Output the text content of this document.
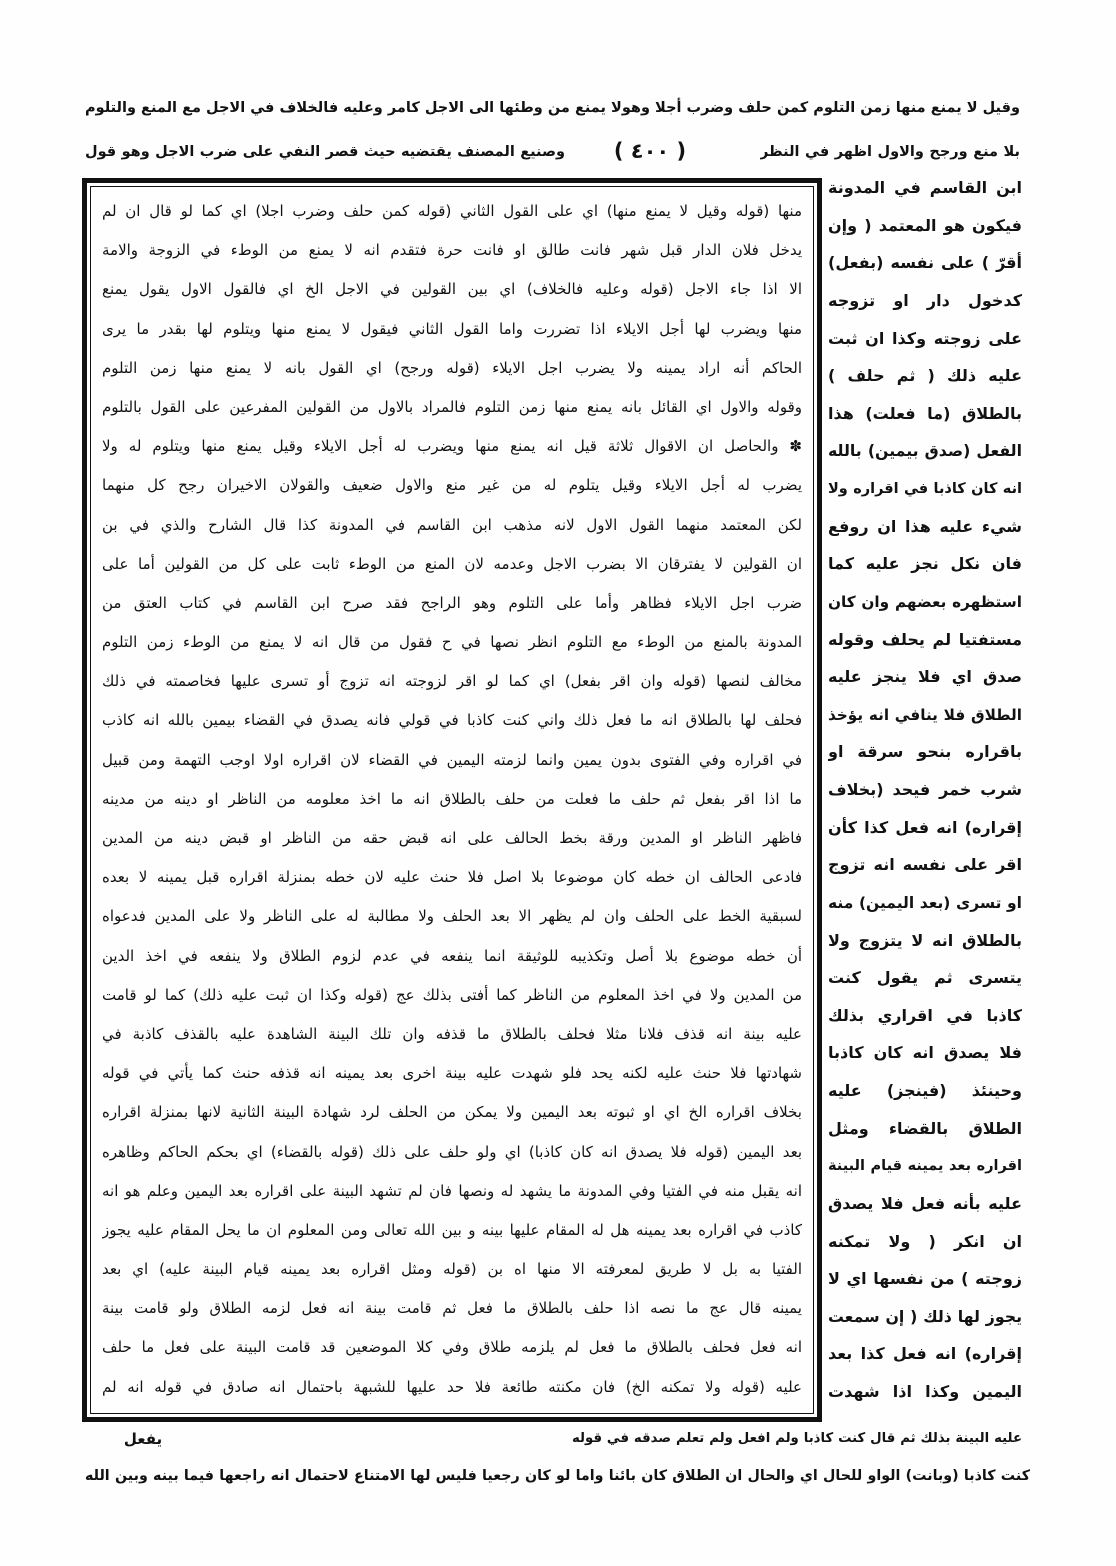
وقيل لا يمنع منها زمن التلوم كمن حلف وضرب أجلا وهولا يمنع من وطئها الى الاجل كامر وعليه فالخلاف في الاجل مع المنع والتلوم
بلا منع ورجح والاول اظهر في النظر
( ٤٠٠ )
وصنيع المصنف يقتضيه حيث قصر النفي على ضرب الاجل وهو قول
منها (قوله وقيل لا يمنع منها) اي على القول الثاني (قوله كمن حلف وضرب اجلا) اي كما لو قال ان لم
يدخل فلان الدار قبل شهر فانت طالق او فانت حرة فتقدم انه لا يمنع من الوطء في الزوجة والامة
الا اذا جاء الاجل (قوله وعليه فالخلاف) اي بين القولين في الاجل الخ اي فالقول الاول يقول يمنع
منها ويضرب لها أجل الايلاء اذا تضررت واما القول الثاني فيقول لا يمنع منها ويتلوم لها بقدر ما يرى
الحاكم أنه اراد يمينه ولا يضرب اجل الايلاء (قوله ورجح) اي القول بانه لا يمنع منها زمن التلوم
وقوله والاول اي القائل بانه يمنع منها زمن التلوم فالمراد بالاول من القولين المفرعين على القول بالتلوم
✽ والحاصل ان الاقوال ثلاثة قيل انه يمنع منها ويضرب له أجل الايلاء وقيل يمنع منها ويتلوم له ولا
يضرب له أجل الايلاء وقيل يتلوم له من غير منع والاول ضعيف والقولان الاخيران رجح كل منهما
لكن المعتمد منهما القول الاول لانه مذهب ابن القاسم في المدونة كذا قال الشارح والذي في بن
ان القولين لا يفترقان الا بضرب الاجل وعدمه لان المنع من الوطء ثابت على كل من القولين أما على
ضرب اجل الايلاء فظاهر وأما على التلوم وهو الراجح فقد صرح ابن القاسم في كتاب العتق من
المدونة بالمنع من الوطء مع التلوم انظر نصها في ح فقول من قال انه لا يمنع من الوطء زمن التلوم
مخالف لنصها (قوله وان اقر بفعل) اي كما لو اقر لزوجته انه تزوج أو تسرى عليها فخاصمته في ذلك
فحلف لها بالطلاق انه ما فعل ذلك واني كنت كاذبا في قولي فانه يصدق في القضاء بيمين بالله انه كاذب
في اقراره وفي الفتوى بدون يمين وانما لزمته اليمين في القضاء لان اقراره اولا اوجب التهمة ومن قبيل
ما اذا اقر بفعل ثم حلف ما فعلت من حلف بالطلاق انه ما اخذ معلومه من الناظر او دينه من مدينه
فاظهر الناظر او المدين ورقة بخط الحالف على انه قبض حقه من الناظر او قبض دينه من المدين
فادعى الحالف ان خطه كان موضوعا بلا اصل فلا حنث عليه لان خطه بمنزلة اقراره قبل يمينه لا بعده
لسبقية الخط على الحلف وان لم يظهر الا بعد الحلف ولا مطالبة له على الناظر ولا على المدين فدعواه
أن خطه موضوع بلا أصل وتكذيبه للوثيقة انما ينفعه في عدم لزوم الطلاق ولا ينفعه في اخذ الدين
من المدين ولا في اخذ المعلوم من الناظر كما أفتى بذلك عج (قوله وكذا ان ثبت عليه ذلك) كما لو قامت
عليه بينة انه قذف فلانا مثلا فحلف بالطلاق ما قذفه وان تلك البينة الشاهدة عليه بالقذف كاذبة في
شهادتها فلا حنث عليه لكنه يحد فلو شهدت عليه بينة اخرى بعد يمينه انه قذفه حنث كما يأتي في قوله
بخلاف اقراره الخ اي او ثبوته بعد اليمين ولا يمكن من الحلف لرد شهادة البينة الثانية لانها بمنزلة اقراره
بعد اليمين (قوله فلا يصدق انه كان كاذبا) اي ولو حلف على ذلك (قوله بالقضاء) اي بحكم الحاكم وظاهره
انه يقبل منه في الفتيا وفي المدونة ما يشهد له ونصها فان لم تشهد البينة على اقراره بعد اليمين وعلم هو انه
كاذب في اقراره بعد يمينه هل له المقام عليها بينه و بين الله تعالى ومن المعلوم ان ما يحل المقام عليه يجوز
الفتيا به بل لا طريق لمعرفته الا منها اه بن (قوله ومثل اقراره بعد يمينه قيام البينة عليه) اي بعد
يمينه قال عج ما نصه اذا حلف بالطلاق ما فعل ثم قامت بينة انه فعل لزمه الطلاق ولو قامت بينة
انه فعل فحلف بالطلاق ما فعل لم يلزمه طلاق وفي كلا الموضعين قد قامت البينة على فعل ما حلف
عليه (قوله ولا تمكنه الخ) فان مكنته طائعة فلا حد عليها للشبهة باحتمال انه صادق في قوله انه لم
ابن القاسم في المدونة
فيكون هو المعتمد ( وإن
أقرّ ) على نفسه (بفعل)
كدخول دار او تزوجه
على زوجته وكذا ان ثبت
عليه ذلك ( ثم حلف )
بالطلاق (ما فعلت) هذا
الفعل (صدق بيمين) بالله
انه كان كاذبا في اقراره ولا
شيء عليه هذا ان روفع
فان نكل نجز عليه كما
استظهره بعضهم وان كان
مستفتيا لم يحلف وقوله
صدق اي فلا ينجز عليه
الطلاق فلا ينافي انه يؤخذ
باقراره بنحو سرقة او
شرب خمر فيحد (بخلاف
إقراره) انه فعل كذا كأن
اقر على نفسه انه تزوج
او تسرى (بعد اليمين) منه
بالطلاق انه لا يتزوج ولا
يتسرى ثم يقول كنت
كاذبا في اقراري بذلك
فلا يصدق انه كان كاذبا
وحينئذ (فينجز) عليه
الطلاق بالقضاء ومثل
اقراره بعد يمينه قيام البينة
عليه بأنه فعل فلا يصدق
ان انكر ( ولا تمكنه
زوجته ) من نفسها اي لا
يجوز لها ذلك ( إن سمعت
إقراره) انه فعل كذا بعد
اليمين وكذا اذا شهدت
عليه البينة بذلك ثم قال كنت كاذبا ولم افعل ولم تعلم صدقه في قوله
يفعل
كنت كاذبا (وبانت) الواو للحال اي والحال ان الطلاق كان بائنا واما لو كان رجعيا فليس لها الامتناع لاحتمال انه راجعها فيما بينه وبين الله
